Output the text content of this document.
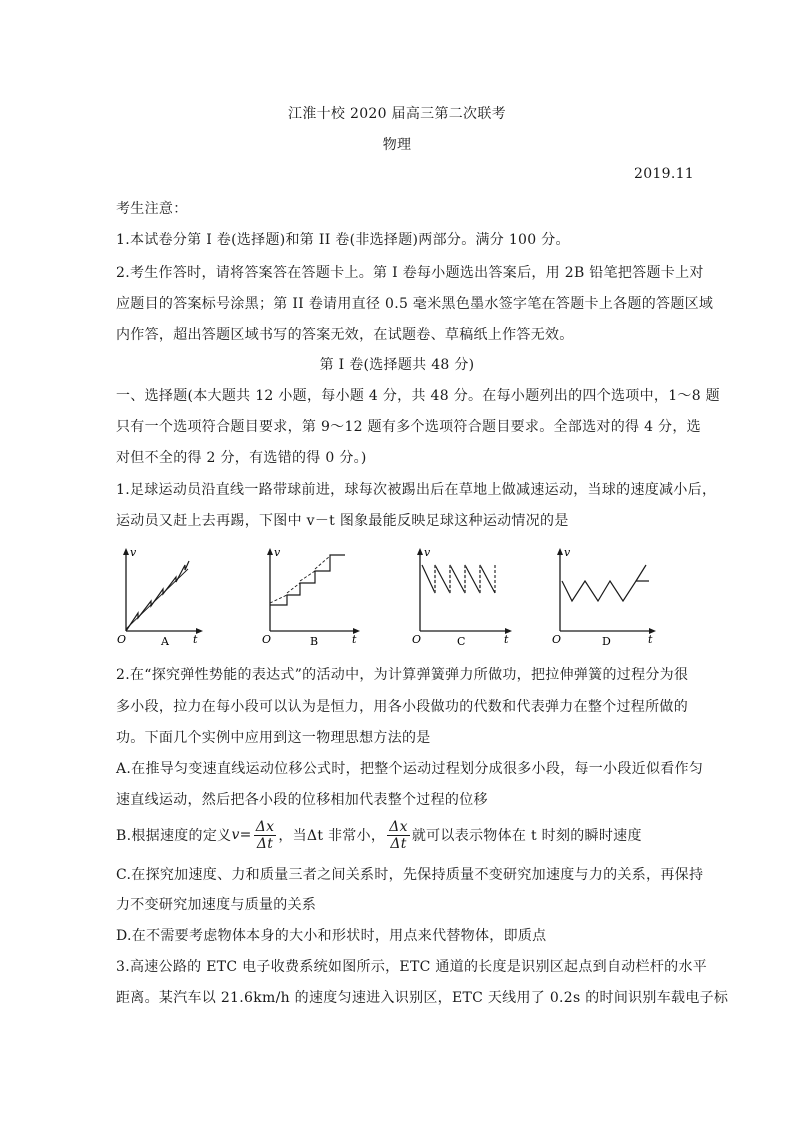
江淮十校 2020 届高三第二次联考
物理
2019.11
考生注意：
1.本试卷分第 I 卷(选择题)和第 II 卷(非选择题)两部分。满分 100 分。
2.考生作答时，请将答案答在答题卡上。第 I 卷每小题选出答案后，用 2B 铅笔把答题卡上对
应题目的答案标号涂黑；第 II 卷请用直径 0.5 毫米黑色墨水签字笔在答题卡上各题的答题区域
内作答，超出答题区域书写的答案无效，在试题卷、草稿纸上作答无效。
第 I 卷(选择题共 48 分)
一、选择题(本大题共 12 小题，每小题 4 分，共 48 分。在每小题列出的四个选项中，1～8 题
只有一个选项符合题目要求，第 9～12 题有多个选项符合题目要求。全部选对的得 4 分，选
对但不全的得 2 分，有选错的得 0 分。)
1.足球运动员沿直线一路带球前进，球每次被踢出后在草地上做减速运动，当球的速度减小后，
运动员又赶上去再踢，下图中 v－t 图象最能反映足球这种运动情况的是
v
t
O	A
v
t
O	B
v
t
O	C
v
t
O	D
2.在“探究弹性势能的表达式”的活动中，为计算弹簧弹力所做功，把拉伸弹簧的过程分为很
多小段，拉力在每小段可以认为是恒力，用各小段做功的代数和代表弹力在整个过程所做的
功。下面几个实例中应用到这一物理思想方法的是
A.在推导匀变速直线运动位移公式时，把整个运动过程划分成很多小段，每一小段近似看作匀
速直线运动，然后把各小段的位移相加代表整个过程的位移
B.根据速度的定义 $v = \frac{\Delta x}{\Delta t}$ ，当Δt 非常小， $\frac{\Delta x}{\Delta t}$ 就可以表示物体在 t 时刻的瞬时速度
C.在探究加速度、力和质量三者之间关系时，先保持质量不变研究加速度与力的关系，再保持
力不变研究加速度与质量的关系
D.在不需要考虑物体本身的大小和形状时，用点来代替物体，即质点
3.高速公路的 ETC 电子收费系统如图所示，ETC 通道的长度是识别区起点到自动栏杆的水平
距离。某汽车以 21.6km/h 的速度匀速进入识别区，ETC 天线用了 0.2s 的时间识别车载电子标
